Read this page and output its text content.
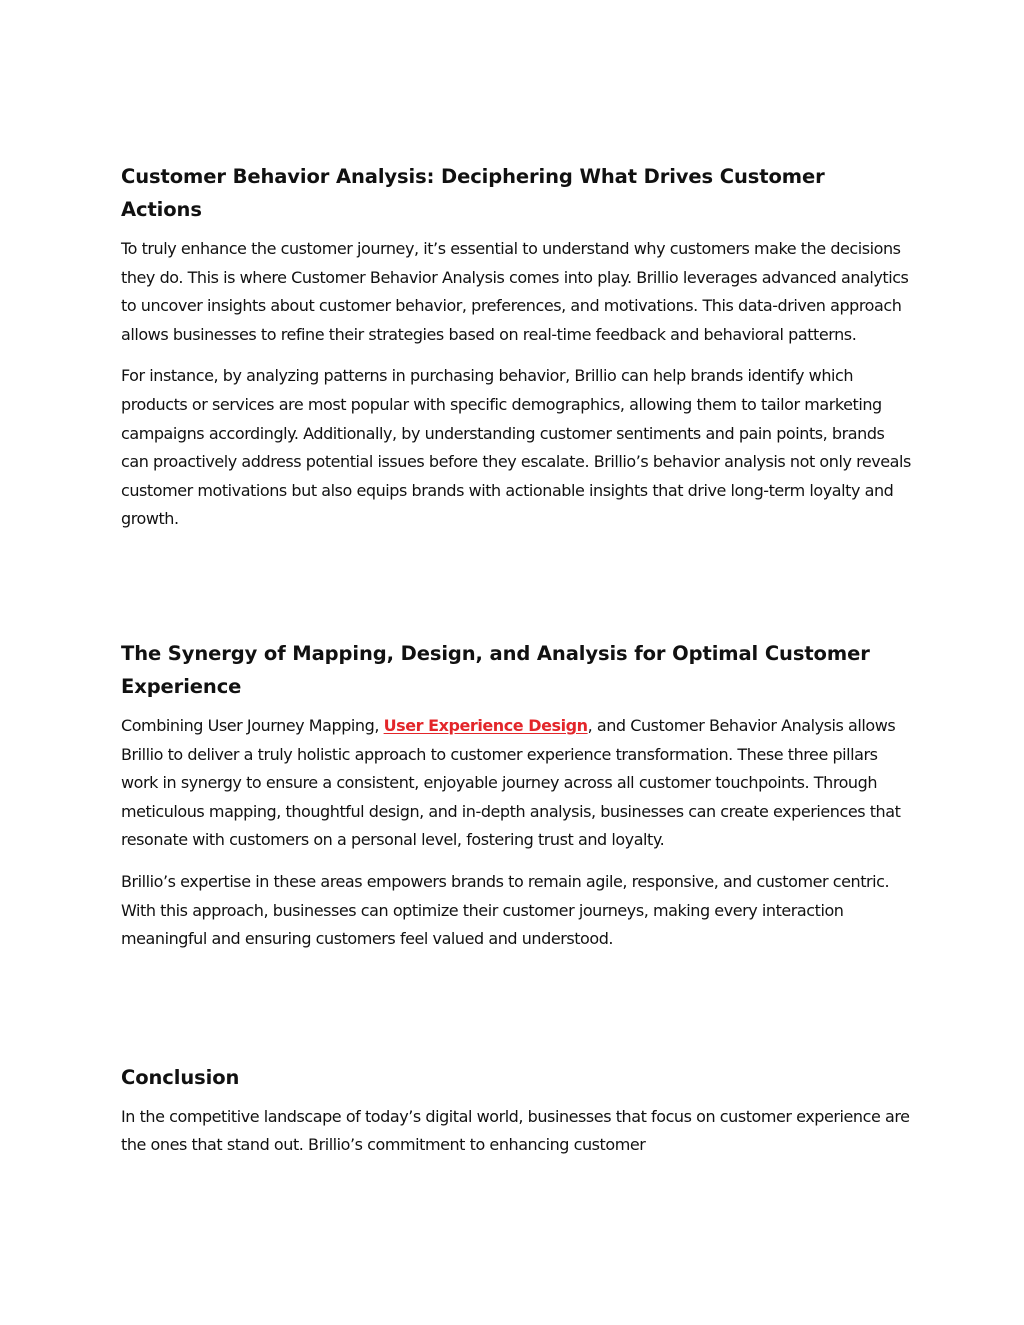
Customer Behavior Analysis: Deciphering What Drives Customer Actions

To truly enhance the customer journey, it’s essential to understand why customers make the decisions they do. This is where Customer Behavior Analysis comes into play. Brillio leverages advanced analytics to uncover insights about customer behavior, preferences, and motivations. This data-driven approach allows businesses to refine their strategies based on real-time feedback and behavioral patterns.

For instance, by analyzing patterns in purchasing behavior, Brillio can help brands identify which products or services are most popular with specific demographics, allowing them to tailor marketing campaigns accordingly. Additionally, by understanding customer sentiments and pain points, brands can proactively address potential issues before they escalate. Brillio’s behavior analysis not only reveals customer motivations but also equips brands with actionable insights that drive long-term loyalty and growth.

The Synergy of Mapping, Design, and Analysis for Optimal Customer Experience

Combining User Journey Mapping, User Experience Design, and Customer Behavior Analysis allows Brillio to deliver a truly holistic approach to customer experience transformation. These three pillars work in synergy to ensure a consistent, enjoyable journey across all customer touchpoints. Through meticulous mapping, thoughtful design, and in-depth analysis, businesses can create experiences that resonate with customers on a personal level, fostering trust and loyalty.

Brillio’s expertise in these areas empowers brands to remain agile, responsive, and customer centric. With this approach, businesses can optimize their customer journeys, making every interaction meaningful and ensuring customers feel valued and understood.

Conclusion

In the competitive landscape of today’s digital world, businesses that focus on customer experience are the ones that stand out. Brillio’s commitment to enhancing customer
